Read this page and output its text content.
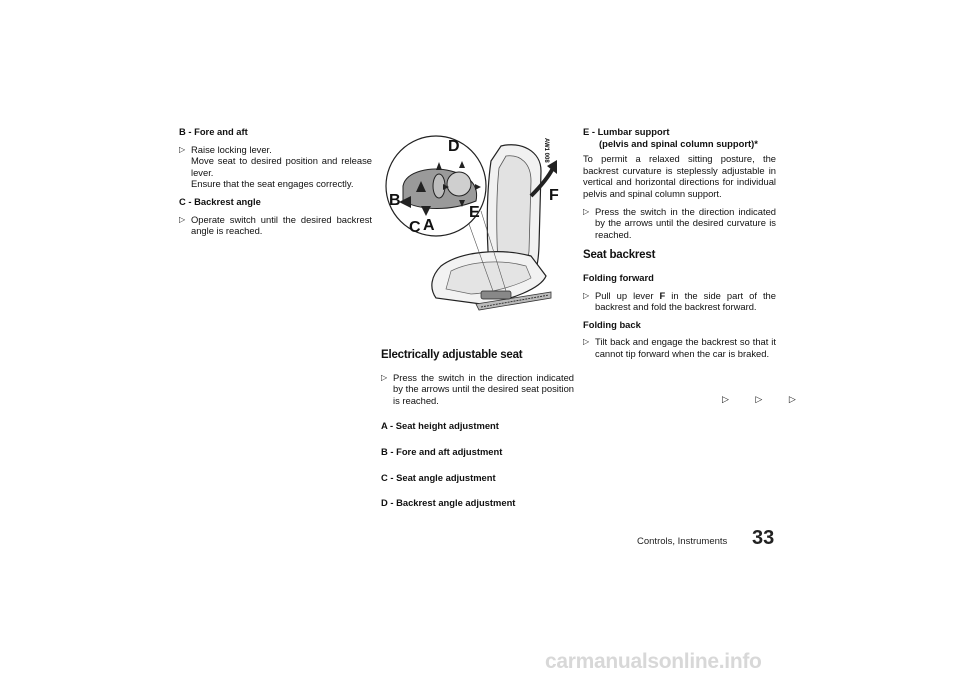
B - Fore and aft
▷ Raise locking lever.
Move seat to desired position and release lever.
Ensure that the seat engages correctly.
C - Backrest angle
▷ Operate switch until the desired backrest angle is reached.
D
B
C A
E
F
AW1 008
Electrically adjustable seat
▷ Press the switch in the direction indicated by the arrows until the desired seat position is reached.
A - Seat height adjustment
B - Fore and aft adjustment
C - Seat angle adjustment
D - Backrest angle adjustment
E - Lumbar support
(pelvis and spinal column support)*
To permit a relaxed sitting posture, the backrest curvature is steplessly adjustable in vertical and horizontal directions for individual pelvis and spinal column support.
▷ Press the switch in the direction indicated by the arrows until the desired curvature is reached.
Seat backrest
Folding forward
▷ Pull up lever F in the side part of the backrest and fold the backrest forward.
Folding back
▷ Tilt back and engage the backrest so that it cannot tip forward when the car is braked.
▷ ▷ ▷
Controls, Instruments 33
carmanualsonline.info
